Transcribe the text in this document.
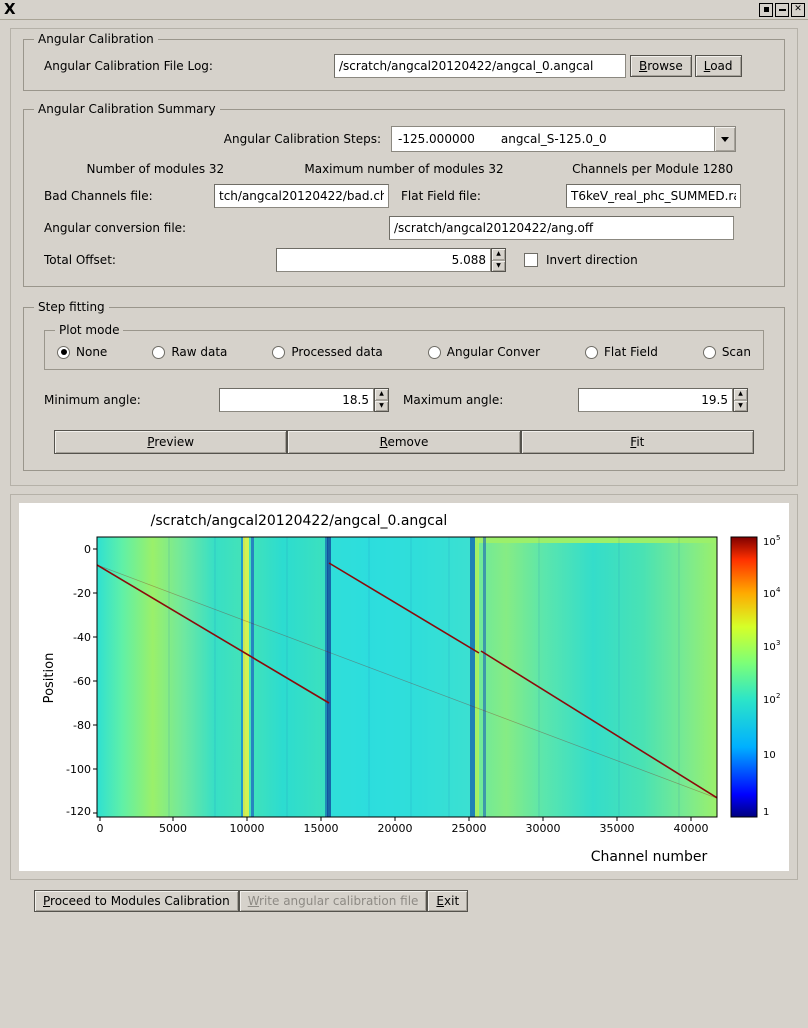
X	✕
Angular Calibration
Angular Calibration File Log:
/scratch/angcal20120422/angcal_0.angcal	Browse	Load
Angular Calibration Summary
Angular Calibration Steps:	-125.000000 angcal_S-125.0_0
Number of modules 32	Maximum number of modules 32	Channels per Module 1280
Bad Channels file:
tch/angcal20120422/bad.chan	Flat Field file:
T6keV_real_phc_SUMMED.rav
Angular conversion file:
/scratch/angcal20120422/ang.off
Total Offset:
5.088	▲
▼	Invert direction
Step fitting
Plot mode
None	Raw data	Processed data	Angular Conver	Flat Field	Scan
Minimum angle:
18.5	▲
▼	Maximum angle:
19.5	▲
▼
Preview	Remove	Fit
/scratch/angcal20120422/angcal_0.angcal
1
10
10 2
10 3
10 4
10 5
0
-20
-40
-60
-80
-100
-120
0	5000	10000	15000	20000	25000	30000	35000	40000
Position
Channel number
Proceed to Modules Calibration	Write angular calibration file	Exit
